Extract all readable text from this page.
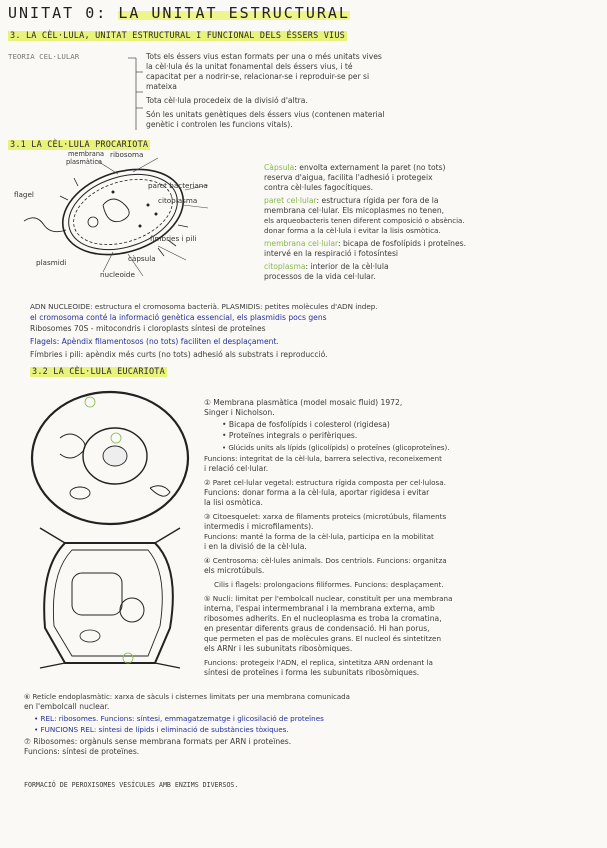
UNITAT 0: LA UNITAT ESTRUCTURAL
3. LA CÈL·LULA, UNITAT ESTRUCTURAL I FUNCIONAL DELS ÉSSERS VIUS
TEORIA CEL·LULAR	Tots els éssers vius estan formats per una o més unitats vives
la cèl·lula és la unitat fonamental dels éssers vius, i té
capacitat per a nodrir-se, relacionar-se i reproduir-se per si
mateixa
Tota cèl·lula procedeix de la divisió d'altra.
Són les unitats genètiques dels éssers vius (contenen material
genètic i controlen les funcions vitals).
3.1 LA CÈL·LULA PROCARIOTA
membrana
plasmàtica
ribosoma
paret bacteriana
citoplasma
flagel
fímbries i pili
càpsula
plasmidi
nucleoide
Càpsula: envolta externament la paret (no tots)
reserva d'aigua, facilita l'adhesió i protegeix
contra cèl·lules fagocítiques.
paret cel·lular: estructura rígida per fora de la
membrana cel·lular. Els micoplasmes no tenen,
els arqueobacteris tenen diferent composició o absència.
donar forma a la cèl·lula i evitar la lisis osmòtica.
membrana cel·lular: bicapa de fosfolípids i proteïnes.
intervé en la respiració i fotosíntesi
citoplasma: interior de la cèl·lula
processos de la vida cel·lular.
ADN NUCLEOIDE: estructura el cromosoma bacterià. PLASMIDIS: petites molècules d'ADN indep.
el cromosoma conté la informació genètica essencial, els plasmidis pocs gens
Ribosomes 70S - mitocondris i cloroplasts síntesi de proteïnes
Flagels: Apèndix filamentosos (no tots) faciliten el desplaçament.
Fímbries i pili: apèndix més curts (no tots) adhesió als substrats i reproducció.
3.2 LA CÈL·LULA EUCARIOTA
① Membrana plasmàtica (model mosaic fluid) 1972,
Singer i Nicholson.
• Bicapa de fosfolípids i colesterol (rigidesa)
• Proteïnes integrals o perifèriques.
• Glúcids units als lípids (glicolípids) o proteïnes (glicoproteïnes).
Funcions: integritat de la cèl·lula, barrera selectiva, reconeixement
i relació cel·lular.
② Paret cel·lular vegetal: estructura rígida composta per cel·lulosa.
Funcions: donar forma a la cèl·lula, aportar rigidesa i evitar
la lisi osmòtica.
③ Citoesquelet: xarxa de filaments proteics (microtúbuls, filaments
intermedis i microfilaments).
Funcions: manté la forma de la cèl·lula, participa en la mobilitat
i en la divisió de la cèl·lula.
④ Centrosoma: cèl·lules animals. Dos centriols. Funcions: organitza
els microtúbuls.
Cilis i flagels: prolongacions filiformes. Funcions: desplaçament.
⑤ Nucli: limitat per l'embolcall nuclear, constituït per una membrana
interna, l'espai intermembranal i la membrana externa, amb
ribosomes adherits. En el nucleoplasma es troba la cromatina,
en presentar diferents graus de condensació. Hi han porus,
que permeten el pas de molècules grans. El nucleol és sintetitzen
els ARNr i les subunitats ribosòmiques.
Funcions: protegeix l'ADN, el replica, sintetitza ARN ordenant la
síntesi de proteïnes i forma les subunitats ribosòmiques.
⑥ Reticle endoplasmàtic: xarxa de sàculs i cisternes limitats per una membrana comunicada
en l'embolcall nuclear.
• REL: ribosomes. Funcions: síntesi, emmagatzematge i glicosilació de proteïnes
• FUNCIONS REL: síntesi de lípids i eliminació de substàncies tòxiques.
⑦ Ribosomes: orgànuls sense membrana formats per ARN i proteïnes.
Funcions: síntesi de proteïnes.
FORMACIÓ DE PEROXISOMES VESÍCULES AMB ENZIMS DIVERSOS.
